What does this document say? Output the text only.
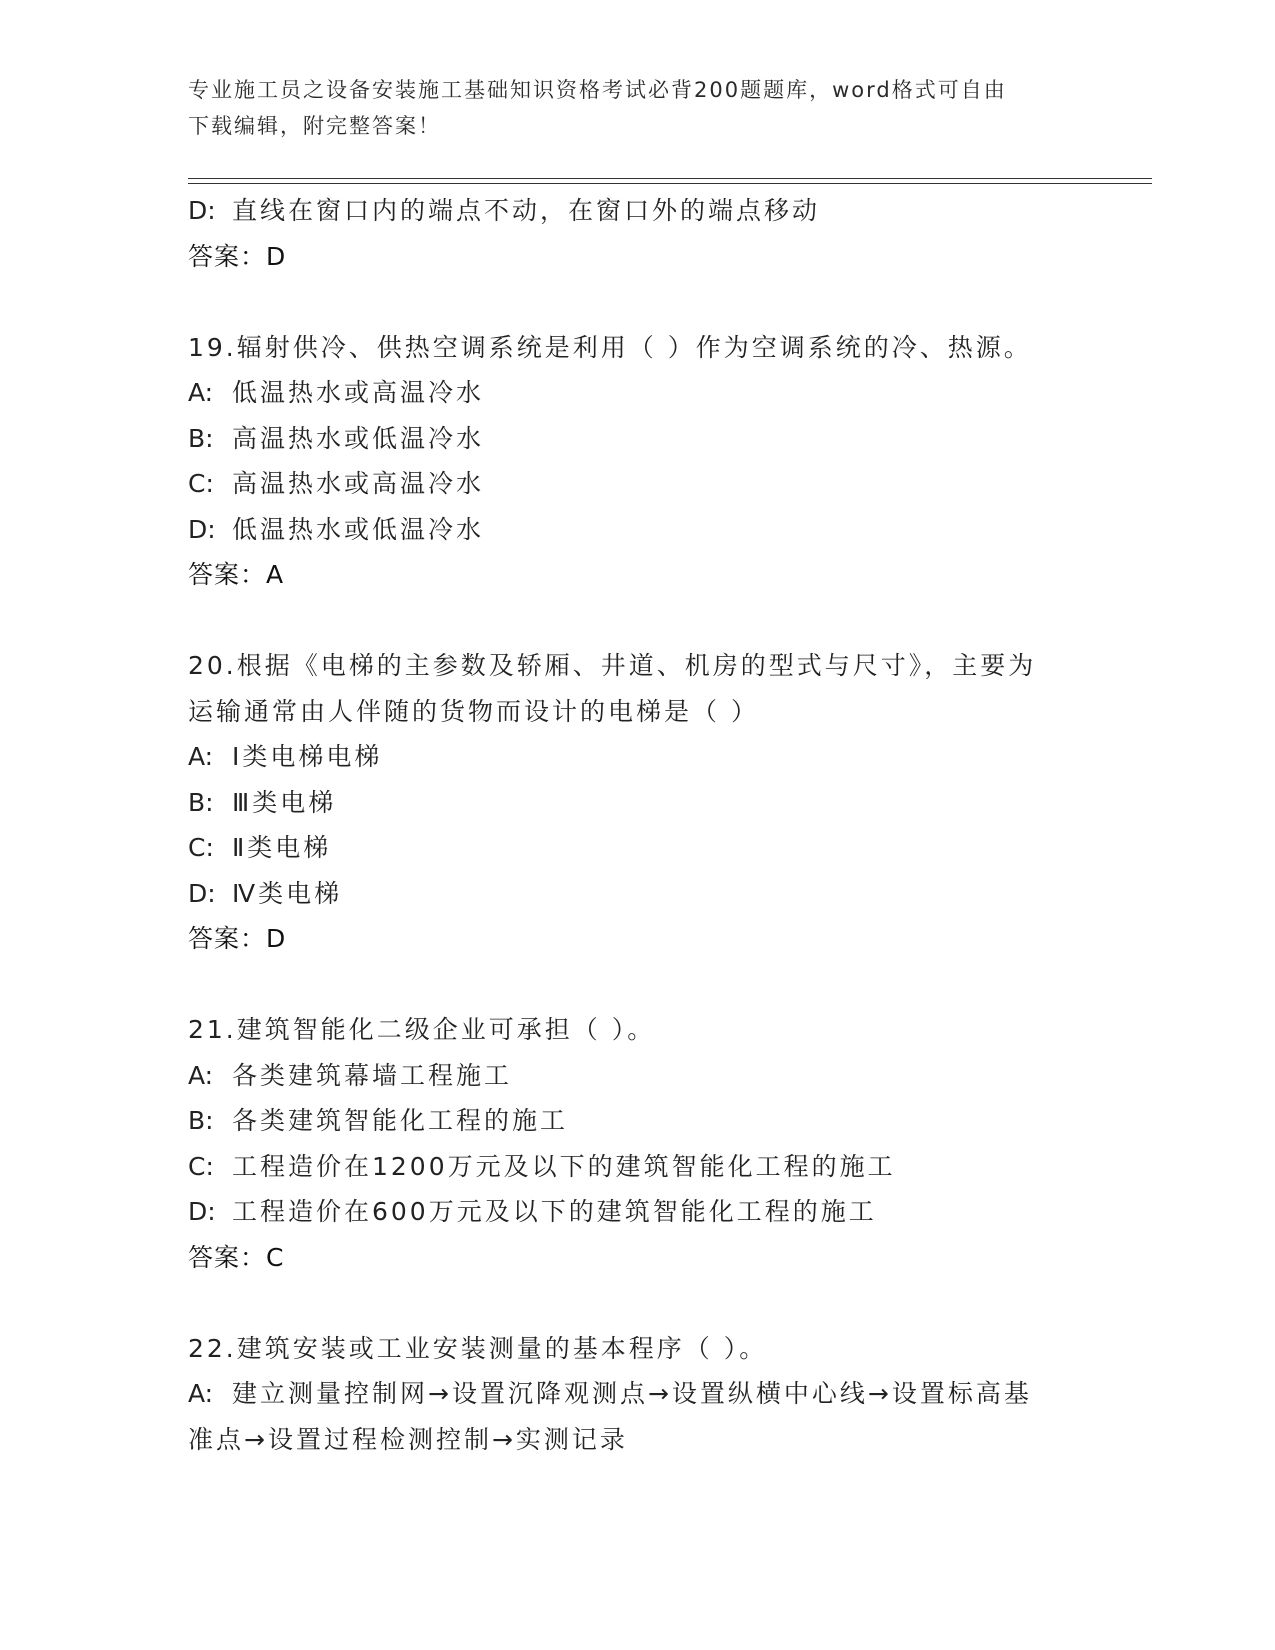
专业施工员之设备安装施工基础知识资格考试必背200题题库，word格式可自由
下载编辑，附完整答案！
D: 直线在窗口内的端点不动，在窗口外的端点移动
答案：D
19.辐射供冷、供热空调系统是利用（ ）作为空调系统的冷、热源。
A: 低温热水或高温冷水
B: 高温热水或低温冷水
C: 高温热水或高温冷水
D: 低温热水或低温冷水
答案：A
20.根据《电梯的主参数及轿厢、井道、机房的型式与尺寸》，主要为
运输通常由人伴随的货物而设计的电梯是（ ）
A: Ⅰ类电梯电梯
B: Ⅲ类电梯
C: Ⅱ类电梯
D: Ⅳ类电梯
答案：D
21.建筑智能化二级企业可承担（ ）。
A: 各类建筑幕墙工程施工
B: 各类建筑智能化工程的施工
C: 工程造价在1200万元及以下的建筑智能化工程的施工
D: 工程造价在600万元及以下的建筑智能化工程的施工
答案：C
22.建筑安装或工业安装测量的基本程序（ ）。
A: 建立测量控制网→设置沉降观测点→设置纵横中心线→设置标高基
准点→设置过程检测控制→实测记录
